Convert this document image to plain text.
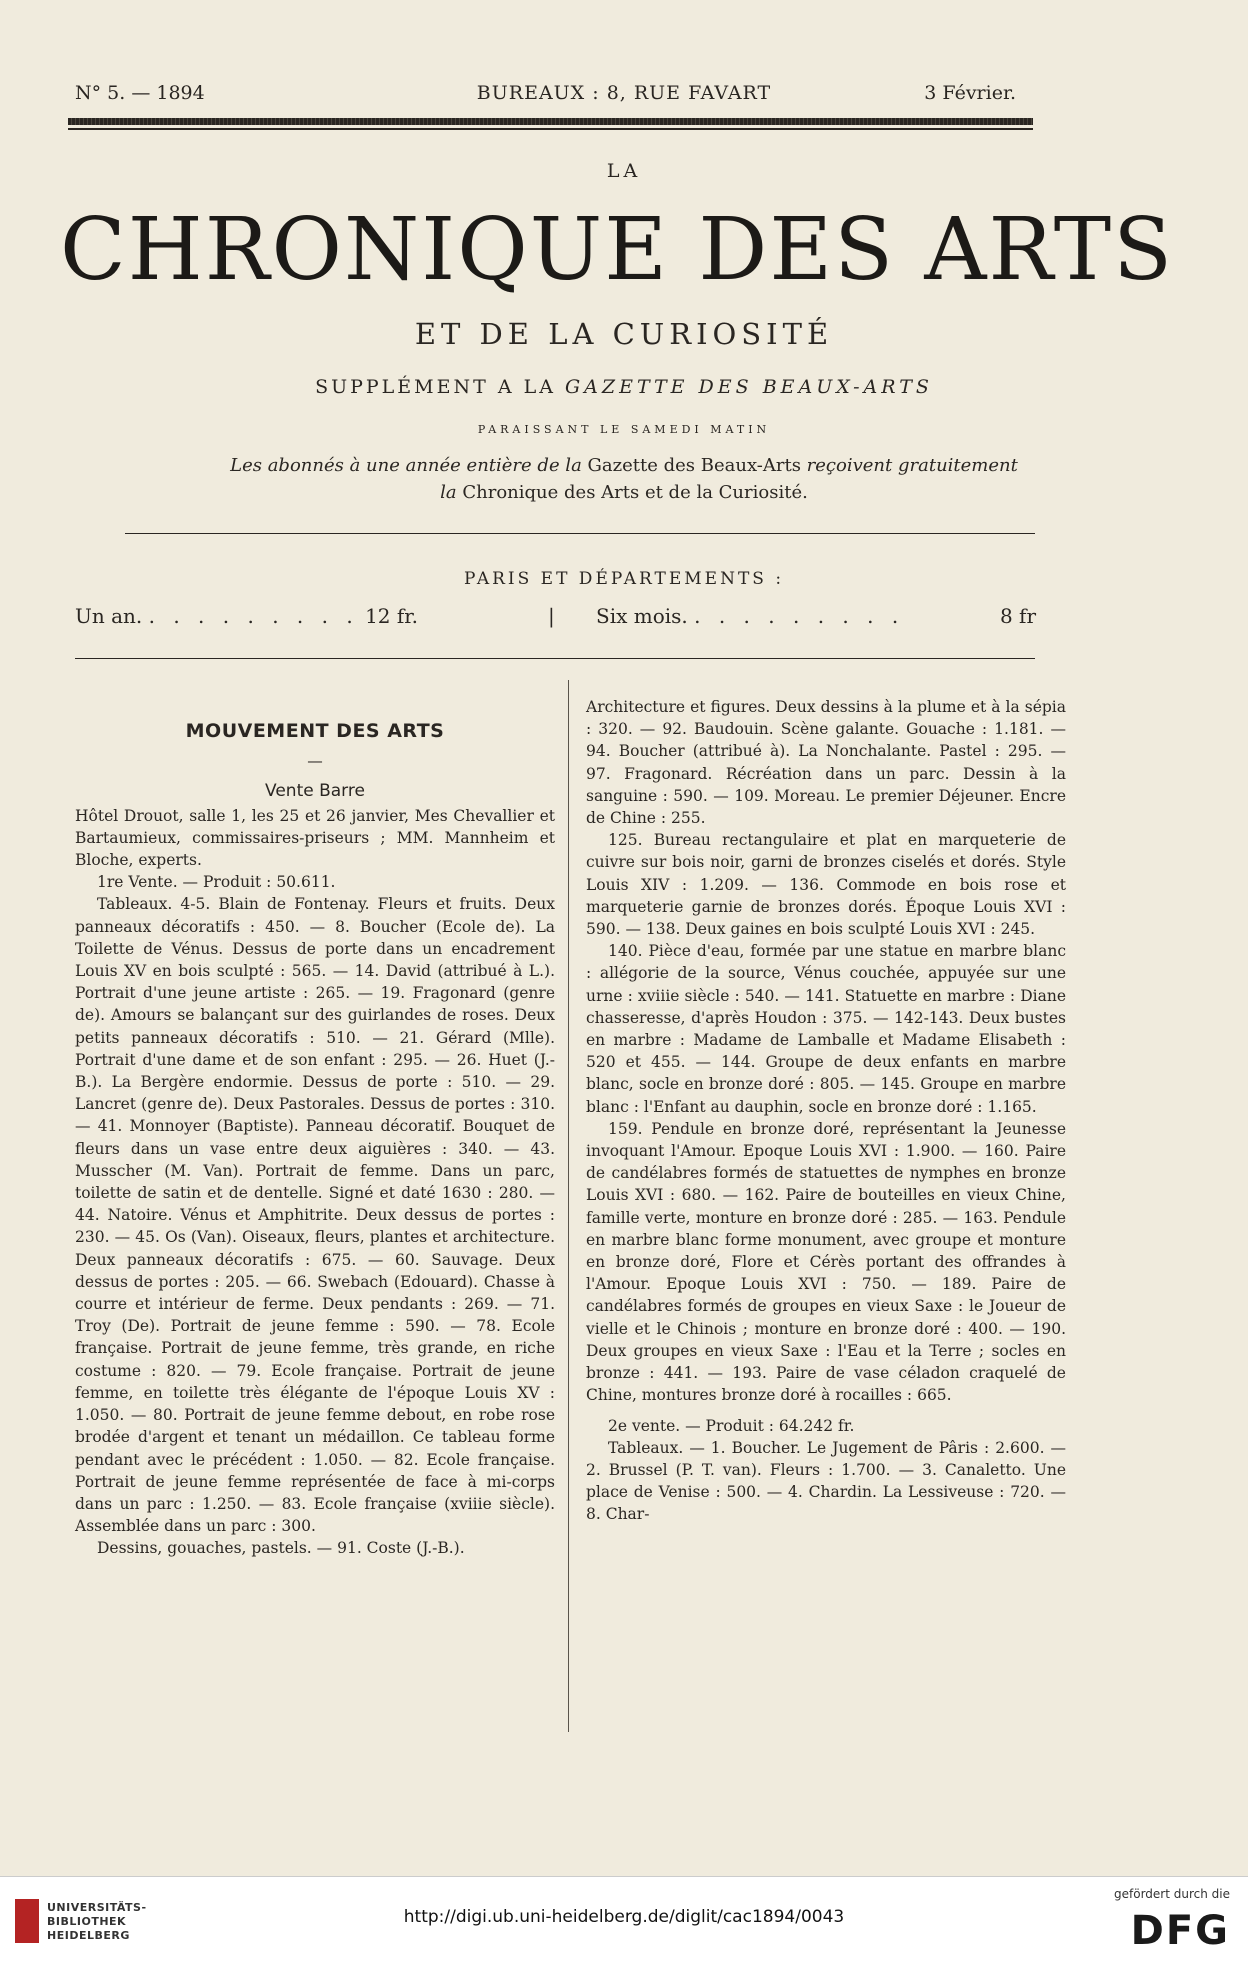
N° 5. — 1894	BUREAUX : 8, RUE FAVART	3 Février.
LA
CHRONIQUE DES ARTS
ET DE LA CURIOSITÉ
SUPPLÉMENT A LA GAZETTE DES BEAUX-ARTS
PARAISSANT LE SAMEDI MATIN
Les abonnés à une année entière de la Gazette des Beaux-Arts reçoivent gratuitement
la Chronique des Arts et de la Curiosité.
PARIS ET DÉPARTEMENTS :
Un an. . . . . . . . . . 12 fr.	| Six mois. . . . . . . . . .	8 fr
MOUVEMENT DES ARTS
—
Vente Barre

Hôtel Drouot, salle 1, les 25 et 26 janvier, Mes Chevallier et Bartaumieux, commissaires-priseurs ; MM. Mannheim et Bloche, experts.

1re Vente. — Produit : 50.611.

Tableaux. 4-5. Blain de Fontenay. Fleurs et fruits. Deux panneaux décoratifs : 450. — 8. Boucher (Ecole de). La Toilette de Vénus. Dessus de porte dans un encadrement Louis XV en bois sculpté : 565. — 14. David (attribué à L.). Portrait d'une jeune artiste : 265. — 19. Fragonard (genre de). Amours se balançant sur des guirlandes de roses. Deux petits panneaux décoratifs : 510. — 21. Gérard (Mlle). Portrait d'une dame et de son enfant : 295. — 26. Huet (J.-B.). La Bergère endormie. Dessus de porte : 510. — 29. Lancret (genre de). Deux Pastorales. Dessus de portes : 310. — 41. Monnoyer (Baptiste). Panneau décoratif. Bouquet de fleurs dans un vase entre deux aiguières : 340. — 43. Musscher (M. Van). Portrait de femme. Dans un parc, toilette de satin et de dentelle. Signé et daté 1630 : 280. — 44. Natoire. Vénus et Amphitrite. Deux dessus de portes : 230. — 45. Os (Van). Oiseaux, fleurs, plantes et architecture. Deux panneaux décoratifs : 675. — 60. Sauvage. Deux dessus de portes : 205. — 66. Swebach (Edouard). Chasse à courre et intérieur de ferme. Deux pendants : 269. — 71. Troy (De). Portrait de jeune femme : 590. — 78. Ecole française. Portrait de jeune femme, très grande, en riche costume : 820. — 79. Ecole française. Portrait de jeune femme, en toilette très élégante de l'époque Louis XV : 1.050. — 80. Portrait de jeune femme debout, en robe rose brodée d'argent et tenant un médaillon. Ce tableau forme pendant avec le précédent : 1.050. — 82. Ecole française. Portrait de jeune femme représentée de face à mi-corps dans un parc : 1.250. — 83. Ecole française (xviiie siècle). Assemblée dans un parc : 300.

Dessins, gouaches, pastels. — 91. Coste (J.-B.).

Architecture et figures. Deux dessins à la plume et à la sépia : 320. — 92. Baudouin. Scène galante. Gouache : 1.181. — 94. Boucher (attribué à). La Nonchalante. Pastel : 295. — 97. Fragonard. Récréation dans un parc. Dessin à la sanguine : 590. — 109. Moreau. Le premier Déjeuner. Encre de Chine : 255.

125. Bureau rectangulaire et plat en marqueterie de cuivre sur bois noir, garni de bronzes ciselés et dorés. Style Louis XIV : 1.209. — 136. Commode en bois rose et marqueterie garnie de bronzes dorés. Époque Louis XVI : 590. — 138. Deux gaines en bois sculpté Louis XVI : 245.

140. Pièce d'eau, formée par une statue en marbre blanc : allégorie de la source, Vénus couchée, appuyée sur une urne : xviiie siècle : 540. — 141. Statuette en marbre : Diane chasseresse, d'après Houdon : 375. — 142-143. Deux bustes en marbre : Madame de Lamballe et Madame Elisabeth : 520 et 455. — 144. Groupe de deux enfants en marbre blanc, socle en bronze doré : 805. — 145. Groupe en marbre blanc : l'Enfant au dauphin, socle en bronze doré : 1.165.

159. Pendule en bronze doré, représentant la Jeunesse invoquant l'Amour. Epoque Louis XVI : 1.900. — 160. Paire de candélabres formés de statuettes de nymphes en bronze Louis XVI : 680. — 162. Paire de bouteilles en vieux Chine, famille verte, monture en bronze doré : 285. — 163. Pendule en marbre blanc forme monument, avec groupe et monture en bronze doré, Flore et Cérès portant des offrandes à l'Amour. Epoque Louis XVI : 750. — 189. Paire de candélabres formés de groupes en vieux Saxe : le Joueur de vielle et le Chinois ; monture en bronze doré : 400. — 190. Deux groupes en vieux Saxe : l'Eau et la Terre ; socles en bronze : 441. — 193. Paire de vase céladon craquelé de Chine, montures bronze doré à rocailles : 665.

2e vente. — Produit : 64.242 fr.

Tableaux. — 1. Boucher. Le Jugement de Pâris : 2.600. — 2. Brussel (P. T. van). Fleurs : 1.700. — 3. Canaletto. Une place de Venise : 500. — 4. Chardin. La Lessiveuse : 720. — 8. Char-

UNIVERSITÄTS-BIBLIOTHEK HEIDELBERG
http://digi.ub.uni-heidelberg.de/diglit/cac1894/0043
gefördert durch die
DFG
